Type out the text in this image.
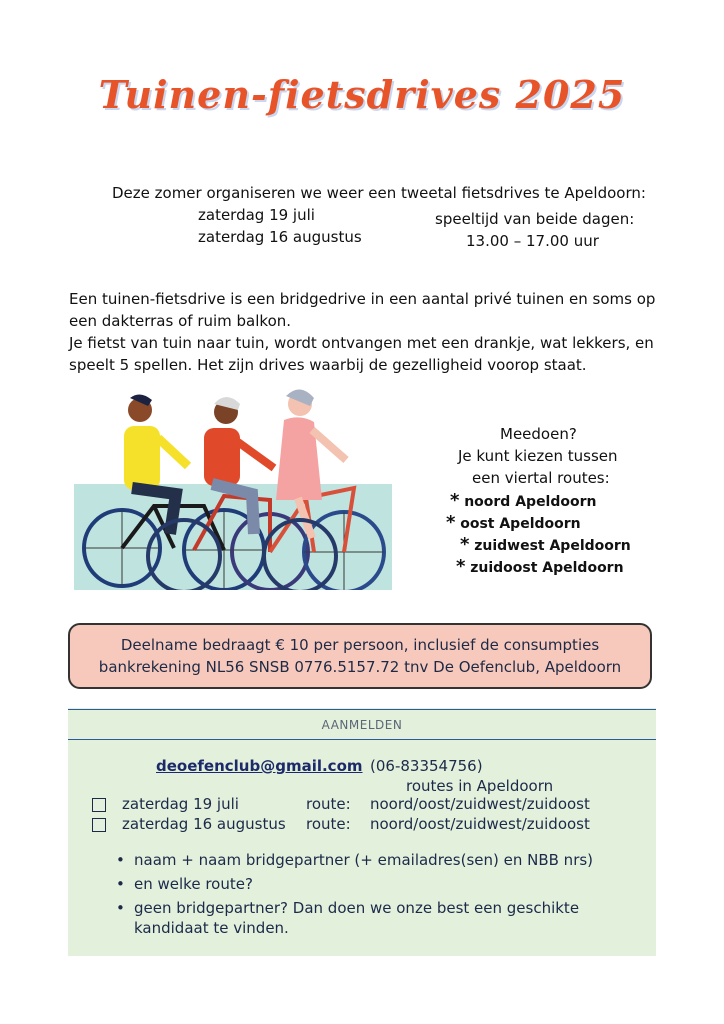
Tuinen-fietsdrives 2025
Deze zomer organiseren we weer een tweetal fietsdrives te Apeldoorn:
zaterdag 19 juli
zaterdag 16 augustus
speeltijd van beide dagen:
13.00 – 17.00 uur

Een tuinen-fietsdrive is een bridgedrive in een aantal privé tuinen en soms op een dakterras of ruim balkon.

Je fietst van tuin naar tuin, wordt ontvangen met een drankje, wat lekkers, en speelt 5 spellen. Het zijn drives waarbij de gezelligheid voorop staat.

Meedoen?
Je kunt kiezen tussen
een viertal routes:
* noord Apeldoorn
* oost Apeldoorn
* zuidwest Apeldoorn
* zuidoost Apeldoorn
Deelname bedraagt € 10 per persoon, inclusief de consumpties
bankrekening NL56 SNSB 0776.5157.72 tnv De Oefenclub, Apeldoorn
AANMELDEN
deoefenclub@gmail.com (06-83354756)
routes in Apeldoorn
zaterdag 19 juli	route: noord/oost/zuidwest/zuidoost
zaterdag 16 augustus route: noord/oost/zuidwest/zuidoost
• naam + naam bridgepartner (+ emailadres(sen) en NBB nrs)
• en welke route?
• geen bridgepartner? Dan doen we onze best een geschikte kandidaat te vinden.
